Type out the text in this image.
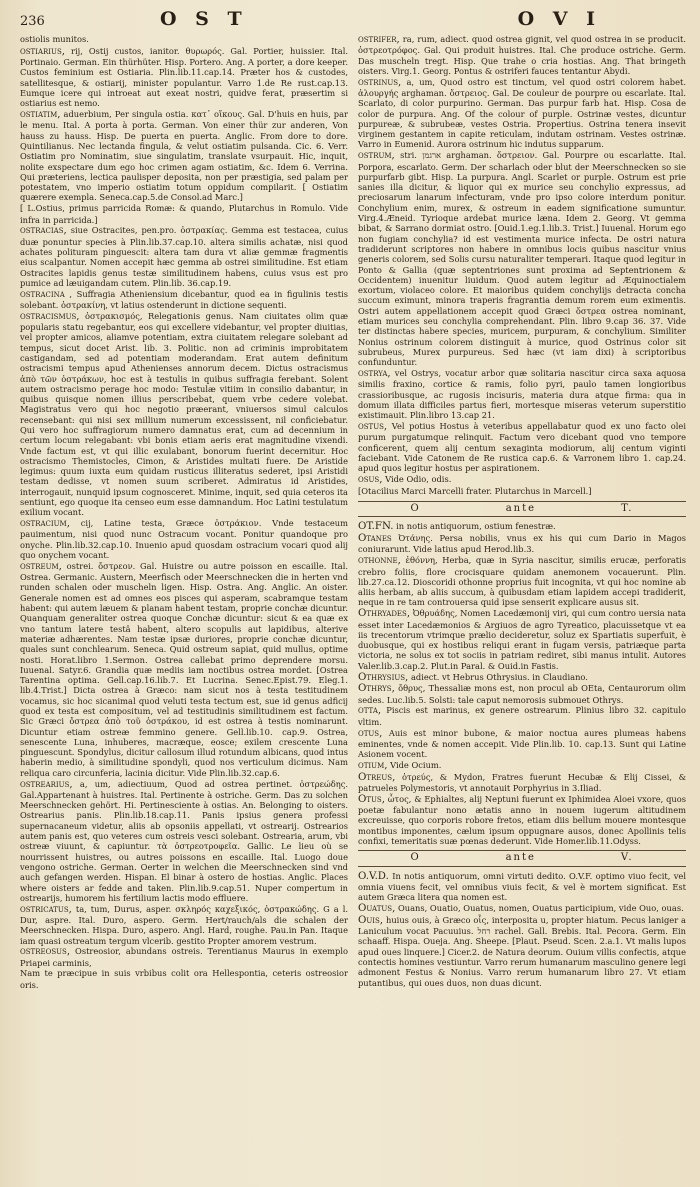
236	O S T	O V I

ostiolis munitos.

ostiarius, rij, Ostij custos, ianitor. θυρωρός. Gal. Portier, huissier. Ital. Portinaio. German. Ein thürhüter. Hisp. Portero. Ang. A porter, a dore keeper. Custos feminium est Ostiaria. Plin.lib.11.cap.14. Præter hos & custodes, satellitesque, & ostiarij, minister populantur. Varro 1.de Re rust.cap.13. Eumque icere qui introeat aut exeat nostri, quidve ferat, præsertim si ostiarius est nemo.

ostiatim, aduerbium, Per singula ostia. κατ᾽ οἴκους. Gal. D'huis en huis, par le menu. Ital. A porta à porta. German. Von einer thür zur anderen, Von hauss zu hauss. Hisp. De puerta en puerta. Anglic. From dore to dore. Quintilianus. Nec lectanda fingula, & velut ostiatim pulsanda. Cic. 6. Verr. Ostiatim pro Nominatim, siue singulatim, translate vsurpauit. Hic, inquit, nolite exspectare dum ego hoc crimen agam ostiatim, &c. Idem 6. Verrina. Qui præteriens, lectica paulisper deposita, non per præstigia, sed palam per potestatem, vno imperio ostiatim totum oppidum compilarit. [ Ostiatim quærere exempla. Seneca.cap.5.de Consol.ad Marc.]

[ L.Ostius, primus parricida Romæ: & quando, Plutarchus in Romulo. Vide infra in parricida.]

ostracias, siue Ostracites, pen.pro. ὀστρακίας. Gemma est testacea, cuius duæ ponuntur species à Plin.lib.37.cap.10. altera similis achatæ, nisi quod achates polituram pinguescit: altera tam dura vt aliæ gemmæ fragmentis eius scalpantur. Nomen accepit hæc gemma ab ostrei similitudine. Est etiam Ostracites lapidis genus testæ similitudinem habens, cuius vsus est pro pumice ad læuigandam cutem. Plin.lib. 36.cap.19.

ostracina , Suffragia Atheniensium dicebantur, quod ea in figulinis testis solebant. ὀστρακίνη, vt latius ostenderunt in dictione sequenti.

ostracismus, ὀστρακισμός, Relegationis genus. Nam ciuitates olim quæ popularis statu regebantur, eos qui excellere videbantur, vel propter diuitias, vel propter amicos, aliamve potentiam, extra ciuitatem relegare solebant ad tempus, sicut docet Arist. lib. 3. Politic. non ad criminis improbitatem castigandam, sed ad potentiam moderandam. Erat autem definitum ostracismi tempus apud Athenienses annorum decem. Dictus ostracismus ἀπὸ τῶν ὀστράκων, hoc est à testulis in quibus suffragia ferebant. Solent autem ostracismo perage hoc modo: Testulæ vitiim in consilio dabantur, in quibus quisque nomen illius perscribebat, quem vrbe cedere volebat. Magistratus vero qui hoc negotio præerant, vniuersos simul calculos recensebant: qui nisi sex millium numerum excessissent, nil conficiebatur. Qui vero hoc suffragiorum numero damnatus erat, cum ad decennium in certum locum relegabant: vbi bonis etiam aeris erat magnitudine vixendi. Vnde factum est, vt qui illic exulabant, bonorum fuerint decernitur. Hoc ostracismo Themistocles, Cimon, & Aristides multati fuere. De Aristide legimus: quum iuxta eum quidam rusticus illiteratus sederet, ipsi Aristidi testam dedisse, vt nomen suum scriberet. Admiratus id Aristides, interrogauit, nunquid ipsum cognosceret. Minime, inquit, sed quia ceteros ita sentiunt, ego quoque ita censeo eum esse damnandum. Hoc Latini testulatum exilium vocant.

ostracium, cij, Latine testa, Græce ὀστράκιον. Vnde testaceum pauimentum, nisi quod nunc Ostracum vocant. Ponitur quandoque pro onyche. Plin.lib.32.cap.10. Inuenio apud quosdam ostracium vocari quod alij quo onychem vocant.

ostreum, ostrei. ὄστρεον. Gal. Huistre ou autre poisson en escaille. Ital. Ostrea. Germanic. Austern, Meerfisch oder Meerschnecken die in herten vnd runden schalen oder muscheln ligen. Hisp. Ostra. Ang. Anglic. An oister. Generale nomen est ad omnes eos pisces qui asperam, scabramque testam habent: qui autem læuem & planam habent testam, proprie conchæ dicuntur. Quanquam generaliter ostrea quoque Conchæ dicuntur: sicut & ea quæ ex vno tantum latere testâ habent, altero scopulis aut lapidibus, alterive materiæ adhærentes. Nam testæ ipsæ duriores, proprie conchæ dicuntur, quales sunt conchlearum. Seneca. Quid ostreum sapiat, quid mullus, optime nosti. Horat.libro 1.Sermon. Ostrea callebat primo deprendere morsu. Iuuenal. Satyr.6. Grandia quæ mediis iam noctibus ostrea mordet. [Ostrea Tarentina optima. Gell.cap.16.lib.7. Et Lucrina. Senec.Epist.79. Eleg.1. lib.4.Trist.] Dicta ostrea à Græco: nam sicut nos à testa testitudinem vocamus, sic hoc sicanimal quod veluti testa tectum est, sue id genus adficij quod ex testa est compositum, vel ad testitudinis similitudinem est factum. Sic Græci ὄστρεα ἀπὸ τοῦ ὀστράκου, id est ostrea à testis nominarunt. Dicuntur etiam ostreæ femmino genere. Gell.lib.10. cap.9. Ostrea, senescente Luna, inhuberes, macræque, eosce; exilem crescente Luna pinguescunt. Spondylus, dicitur callosum illud rotundum albicans, quod intus haberin medio, à similitudine spondyli, quod nos verticulum dicimus. Nam reliqua caro circunferia, lacinia dicitur. Vide Plin.lib.32.cap.6.

ostrearius, a, um, adiectiuum, Quod ad ostrea pertinet. ὀστρεώδης. Gal.Appartenant à huistres. Ital. Pertinente à ostriche. Germ. Das zu solchen Meerschnecken gehört. Hi. Pertinesciente à ostias. An. Belonging to oisters. Ostrearius panis. Plin.lib.18.cap.11. Panis ipsius genera professi supernacaneum videtur, aliis ab opsoniis appellati, vt ostrearij. Ostrearios autem panis est, quo veteres cum ostreis vesci solebant. Ostrearia, arum, vbi ostreæ viuunt, & capiuntur. τὰ ὀστρεοτροφεῖα. Gallic. Le lieu où se nourrissent huistres, ou autres poissons en escaille. Ital. Luogo doue vengono ostriche. German. Oerter in welchen die Meerschnecken sind vnd auch gefangen werden. Hispan. El binar à ostero de hostias. Anglic. Places where oisters ar fedde and taken. Plin.lib.9.cap.51. Nuper compertum in ostrearijs, humorem his fertilium lactis modo effluere.

ostricatus, ta, tum, Durus, asper. σκληρός καχεξικός, ὀστρακώδης. G a l. Dur, aspre. Ital. Duro, aspero. Germ. Hert/rauch/als die schalen der Meerschnecken. Hispa. Duro, aspero. Angl. Hard, roughe. Pau.in Pan. Itaque iam quasi ostreatum tergum vlcerib. gestito Propter amorem vestrum.

ostreosus, Ostreosior, abundans ostreis. Terentianus Maurus in exemplo Priapei carminis,

Nam te præcipue in suis vrbibus colit ora Hellespontia, ceteris ostreosior oris.

ostrifer, ra, rum, adiect. quod ostrea gignit, vel quod ostrea in se producit. ὀστρεοτρόφος. Gal. Qui produit huistres. Ital. Che produce ostriche. Germ. Das muscheln tregt. Hisp. Que trahe o cria hostias. Ang. That bringeth oisters. Virg.1. Georg. Pontus & ostriferi fauces tentantur Abydi.

ostrinus, a, um, Quod ostro est tinctum, vel quod ostri colorem habet. ἁλουργής arghaman. ὄστρειος. Gal. De couleur de pourpre ou escarlate. Ital. Scarlato, di color purpurino. German. Das purpur farb hat. Hisp. Cosa de color de purpura. Ang. Of the colour of purple. Ostrinæ vestes, dicuntur purpureæ, & subrubeæ, vestes Ostria. Propertius. Ostrina tenera insevit virginem gestantem in capite reticulam, indutam ostrinam. Vestes ostrinæ. Varro in Eumenid. Aurora ostrinum hic indutus supparum.

ostrum, stri. ארגמן arghaman. ὄστρειον. Gal. Pourpre ou escarlatte. Ital. Porpora, escarlato. Germ. Der scharlach oder blut der Meerschnecken so sie purpurfarb gibt. Hisp. La purpura. Angl. Scarlet or purple. Ostrum est prie sanies illa dicitur, & liquor qui ex murice seu conchylio expressus, ad preciosarum lanarum infecturam, vnde pro ipso colore interdum ponitur. Conchylium enim, murex, & ostreum in eadem significatione sumuntur. Virg.4.Æneid. Tyrioque ardebat murice læna. Idem 2. Georg. Vt gemma bibat, & Sarrano dormiat ostro. [Ouid.1.eg.1.lib.3. Trist.] Iuuenal. Horum ego non fugiam conchylia? id est vestimenta murice infecta. De ostri natura tradiderunt scriptores non habere in omnibus locis quibus nascitur vnius generis colorem, sed Solis cursu naturaliter temperari. Itaque quod legitur in Ponto & Gallia (quæ septentriones sunt proxima ad Septentrionem & Occidentem) inuenitur liuidum. Quod autem legitur ad Æquinoctialem exortum, violaceo colore. Et maioribus quidem conchylijs detracta concha succum eximunt, minora traperis fragrantia demum rorem eum eximentis. Ostri autem appellationem accepit quod Græci ὄστρεα ostrea nominant, etiam murices seu conchylia comprehendant. Plin. libro 9.cap 36. 37. Vide ter distinctas habere species, muricem, purpuram, & conchylium. Similiter Nonius ostrinum colorem distinguit à murice, quod Ostrinus color sit subrubeus, Murex purpureus. Sed hæc (vt iam dixi) à scriptoribus confunduntur.

ostrya, vel Ostrys, vocatur arbor quæ solitaria nascitur circa saxa aquosa similis fraxino, cortice & ramis, folio pyri, paulo tamen longioribus crassioribusque, ac rugosis incisuris, materia dura atque firma: qua in domum illata difficiles partus fieri, mortesque miseras veterum superstitio existimauit. Plin.libro 13.cap 21.

ostus, Vel potius Hostus à veteribus appellabatur quod ex uno facto olei purum purgatumque relinquit. Factum vero dicebant quod vno tempore conficerent, quem alij centum sexaginta modiorum, alij centum viginti faciebant. Vide Catonem de Re rustica cap.6. & Varronem libro 1. cap.24. apud quos legitur hostus per aspirationem.

osus, Vide Odio, odis.

[Otacilius Marci Marcelli frater. Plutarchus in Marcell.]

O	ante	T.

OT.FN. in notis antiquorum, ostium fenestræ.

Otanes Ὀτάνης. Persa nobilis, vnus ex his qui cum Dario in Magos coniurarunt. Vide latius apud Herod.lib.3.

othonne, ἐθόννη, Herba, quæ in Syria nascitur, similis erucæ, perforatis crebro foliis, flore crocisquare quidam anemonem vocauerunt. Plin. lib.27.ca.12. Dioscoridi othonne proprius fuit incognita, vt qui hoc nomine ab aliis herbam, ab aliis succum, à quibusdam etiam lapidem accepi tradiderit, neque in re tam controuersa quid ipse senserit explicare ausus sit.

Othryades, Ὀθρυάδης, Nomen Lacedæmonij viri, qui cum contro uersia nata esset inter Lacedæmonios & Argiuos de agro Tyreatico, placuissetque vt ea iis trecentorum vtrimque prælio decideretur, soluz ex Spartiatis superfuit, è duobusque, qui ex hostibus reliqui erant in fugam versis, patriæque parta victoria, ne solus ex tot sociis in patriam rediret, sibi manus intulit. Autores Valer.lib.3.cap.2. Plut.in Paral. & Ouid.in Fastis.

Othrysius, adiect. vt Hebrus Othrysius. in Claudiano.

Othrys, ὄθρυς, Thessaliæ mons est, non procul ab OEta, Centaurorum olim sedes. Luc.lib.5. Solsti: tale caput nemorosis submouet Othrys.

otta, Piscis est marinus, ex genere ostrearum. Plinius libro 32. capitulo vltim.

otus, Auis est minor bubone, & maior noctua aures plumeas habens eminentes, vnde & nomen accepit. Vide Plin.lib. 10. cap.13. Sunt qui Latine Asionem vocent.

otium, Vide Ocium.

Otreus, ὀτρεύς, & Mydon, Fratres fuerunt Hecubæ & Elij Cissei, & patrueles Polymestoris, vt annotauit Porphyrius in 3.Iliad.

Otus, ὦτος, & Ephialtes, alij Neptuni fuerunt ex Iphimidea Aloei vxore, quos poetæ fabulantur nono ætatis anno in nouem iugerum altitudinem excreuisse, quo corporis robore fretos, etiam diis bellum mouere montesque montibus imponentes, cælum ipsum oppugnare ausos, donec Apollinis telis confixi, temeritatis suæ pœnas dederunt. Vide Homer.lib.11.Odyss.

O	ante	V.

O.V.D. In notis antiquorum, omni virtuti dedito. O.V.F. optimo viuo fecit, vel omnia viuens fecit, vel omnibus viuis fecit, & vel è mortem significat. Est autem Græca litera qua nomen est.

Ouatus, Ouans, Ouatio, Ouatus, nomen, Ouatus participium, vide Ouo, ouas.

Ouis, huius ouis, à Græco οἶς, interposita u, propter hiatum. Pecus laniger a Laniculum vocat Pacuuius. רחל rachel. Gall. Brebis. Ital. Pecora. Germ. Ein schaaff. Hispa. Oueja. Ang. Sheepe. [Plaut. Pseud. Scen. 2.a.1. Vt malis lupos apud oues linquere.] Cicer.2. de Natura deorum. Ouium villis confectis, atque contectis homines vestiuntur. Varro rerum humanarum masculino genere legi admonent Festus & Nonius. Varro rerum humanarum libro 27. Vt etiam putantibus, qui oues duos, non duas dicunt.
